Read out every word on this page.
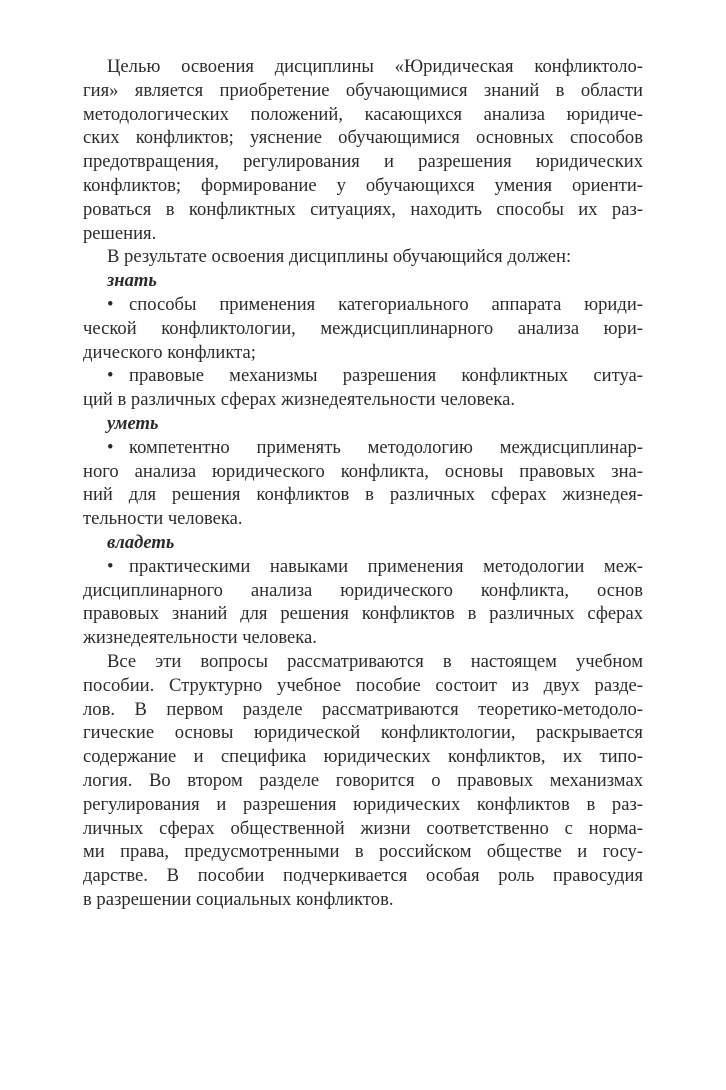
Целью освоения дисциплины «Юридическая конфликтоло-
гия» является приобретение обучающимися знаний в области
методологических положений, касающихся анализа юридиче-
ских конфликтов; уяснение обучающимися основных способов
предотвращения, регулирования и разрешения юридических
конфликтов; формирование у обучающихся умения ориенти-
роваться в конфликтных ситуациях, находить способы их раз-
решения.
В результате освоения дисциплины обучающийся должен:
знать
• способы применения категориального аппарата юриди-
ческой конфликтологии, междисциплинарного анализа юри-
дического конфликта;
• правовые механизмы разрешения конфликтных ситуа-
ций в различных сферах жизнедеятельности человека.
уметь
• компетентно применять методологию междисциплинар-
ного анализа юридического конфликта, основы правовых зна-
ний для решения конфликтов в различных сферах жизнедея-
тельности человека.
владеть
• практическими навыками применения методологии меж-
дисциплинарного анализа юридического конфликта, основ
правовых знаний для решения конфликтов в различных сферах
жизнедеятельности человека.
Все эти вопросы рассматриваются в настоящем учебном
пособии. Структурно учебное пособие состоит из двух разде-
лов. В первом разделе рассматриваются теоретико-методоло-
гические основы юридической конфликтологии, раскрывается
содержание и специфика юридических конфликтов, их типо-
логия. Во втором разделе говорится о правовых механизмах
регулирования и разрешения юридических конфликтов в раз-
личных сферах общественной жизни соответственно с норма-
ми права, предусмотренными в российском обществе и госу-
дарстве. В пособии подчеркивается особая роль правосудия
в разрешении социальных конфликтов.
